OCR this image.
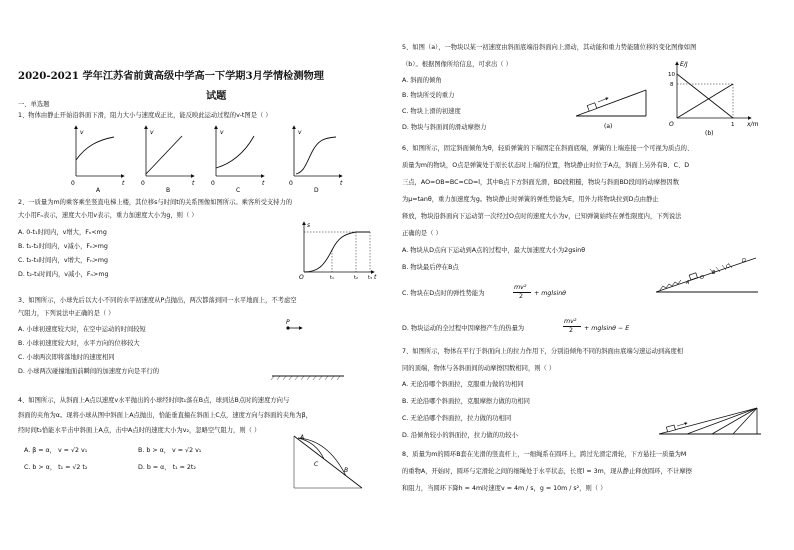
2020-2021 学年江苏省前黄高级中学高一下学期3月学情检测物理
试题
一、单选题
1、物体由静止开始沿斜面下滑，阻力大小与速度成正比，能反映此运动过程的v-t图是（ ）
v
t
0
A
v
t
0
B
v
t
0
C
v
t
0
D
2、一质量为m的乘客乘坐竖直电梯上楼，其位移s与时间t的关系图像如图所示。乘客所受支持力的
大小用Fₙ表示，速度大小用v表示，重力加速度大小为g，则（ ）
A. 0-t₁时间内，v增大，Fₙ<mg
B. t₁-t₂时间内，v减小，Fₙ>mg
C. t₂-t₃时间内，v增大，Fₙ>mg
D. t₂-t₃时间内，v减小，Fₙ>mg
s
t
O	t₁	t₂ t₃
3、如图所示，小球先后以大小不同的水平初速度从P点抛出，两次都落到同一水平地面上，不考虑空
气阻力，下列说法中正确的是（ ）
A. 小球初速度较大时，在空中运动的时间较短
B. 小球初速度较大时，水平方向的位移较大
C. 小球两次即将落地时的速度相同
D. 小球两次碰撞地面前瞬间的加速度方向是平行的
P
4、如图所示，从斜面上A点以速度v水平抛出的小球经时间t₁落在B点，球到达B点时的速度方向与
斜面的夹角为α。现将小球从图中斜面上A点抛出，恰能垂直撞在斜面上C点，速度方向与斜面的夹角为β，
经时间t₂恰能水平击中斜面上A点，击中A点时的速度大小为v₂，忽略空气阻力，则（ ）
A. β = α， v = √2 v₁	B. b > α， v = √2 v₁
C. b > α， t₁ = √2 t₂	D. b = α， t₁ = 2t₂
A
B
C
5、如图（a），一物块以某一初速度由斜面底端沿斜面向上滑动，其动能和重力势能随位移的变化图像如图
（b）。根据图像所给信息，可求出（ ）
A. 斜面的倾角
B. 物块所受的重力
C. 物块上滑的初速度
D. 物块与斜面间的滑动摩擦力	(a)
E/J
x/m
O
10
8
1
(b)
6、如图所示，固定斜面倾角为θ，轻质弹簧的下端固定在斜面底端，弹簧的上端连接一个可视为质点的、
质量为m的物块，O点是弹簧处于原长状态时上端的位置，物块静止时位于A点，斜面上另外有B、C、D
三点，AO=OB=BC=CD=l，其中B点下方斜面光滑，BD段粗糙，物块与斜面BD段间的动摩擦因数
为μ=tanθ，重力加速度为g。物块静止时弹簧的弹性势能为E，用外力将物块拉到D点由静止
释放，物块沿斜面向下运动第一次经过O点时的速度大小为v，已知弹簧始终在弹性限度内，下列说法
正确的是（ ）
A. 物块从D点向下运动到A点的过程中，最大加速度大小为2gsinθ
B. 物块最后停在B点
C. 物块在D点时的弹性势能为
mv²
2 + mglsinθ
D. 物块运动的全过程中因摩擦产生的热量为
mv²
2 + mglsinθ − E
D
C
B
O
A
7、如图所示，物体在平行于斜面向上的拉力作用下，分别沿倾角不同的斜面由底端匀速运动到高度相
同的顶端，物体与各斜面间的动摩擦因数相同，则（ ）
A. 无论沿哪个斜面拉，克服重力做的功相同
B. 无论沿哪个斜面拉，克服摩擦力做的功相同
C. 无论沿哪个斜面拉，拉力做的功相同
D. 沿倾角较小的斜面拉，拉力做的功较小
8、质量为m的圆环B套在光滑的竖直杆上，一细绳系在圆环上，跨过光滑定滑轮，下方悬挂一质量为M
的重物A，开始时，圆环与定滑轮之间的细绳处于水平状态，长度l = 3m，现从静止释放圆环，不计摩擦
和阻力，当圆环下降h = 4m时速度v = 4m / s，g = 10m / s²，则（ ）
